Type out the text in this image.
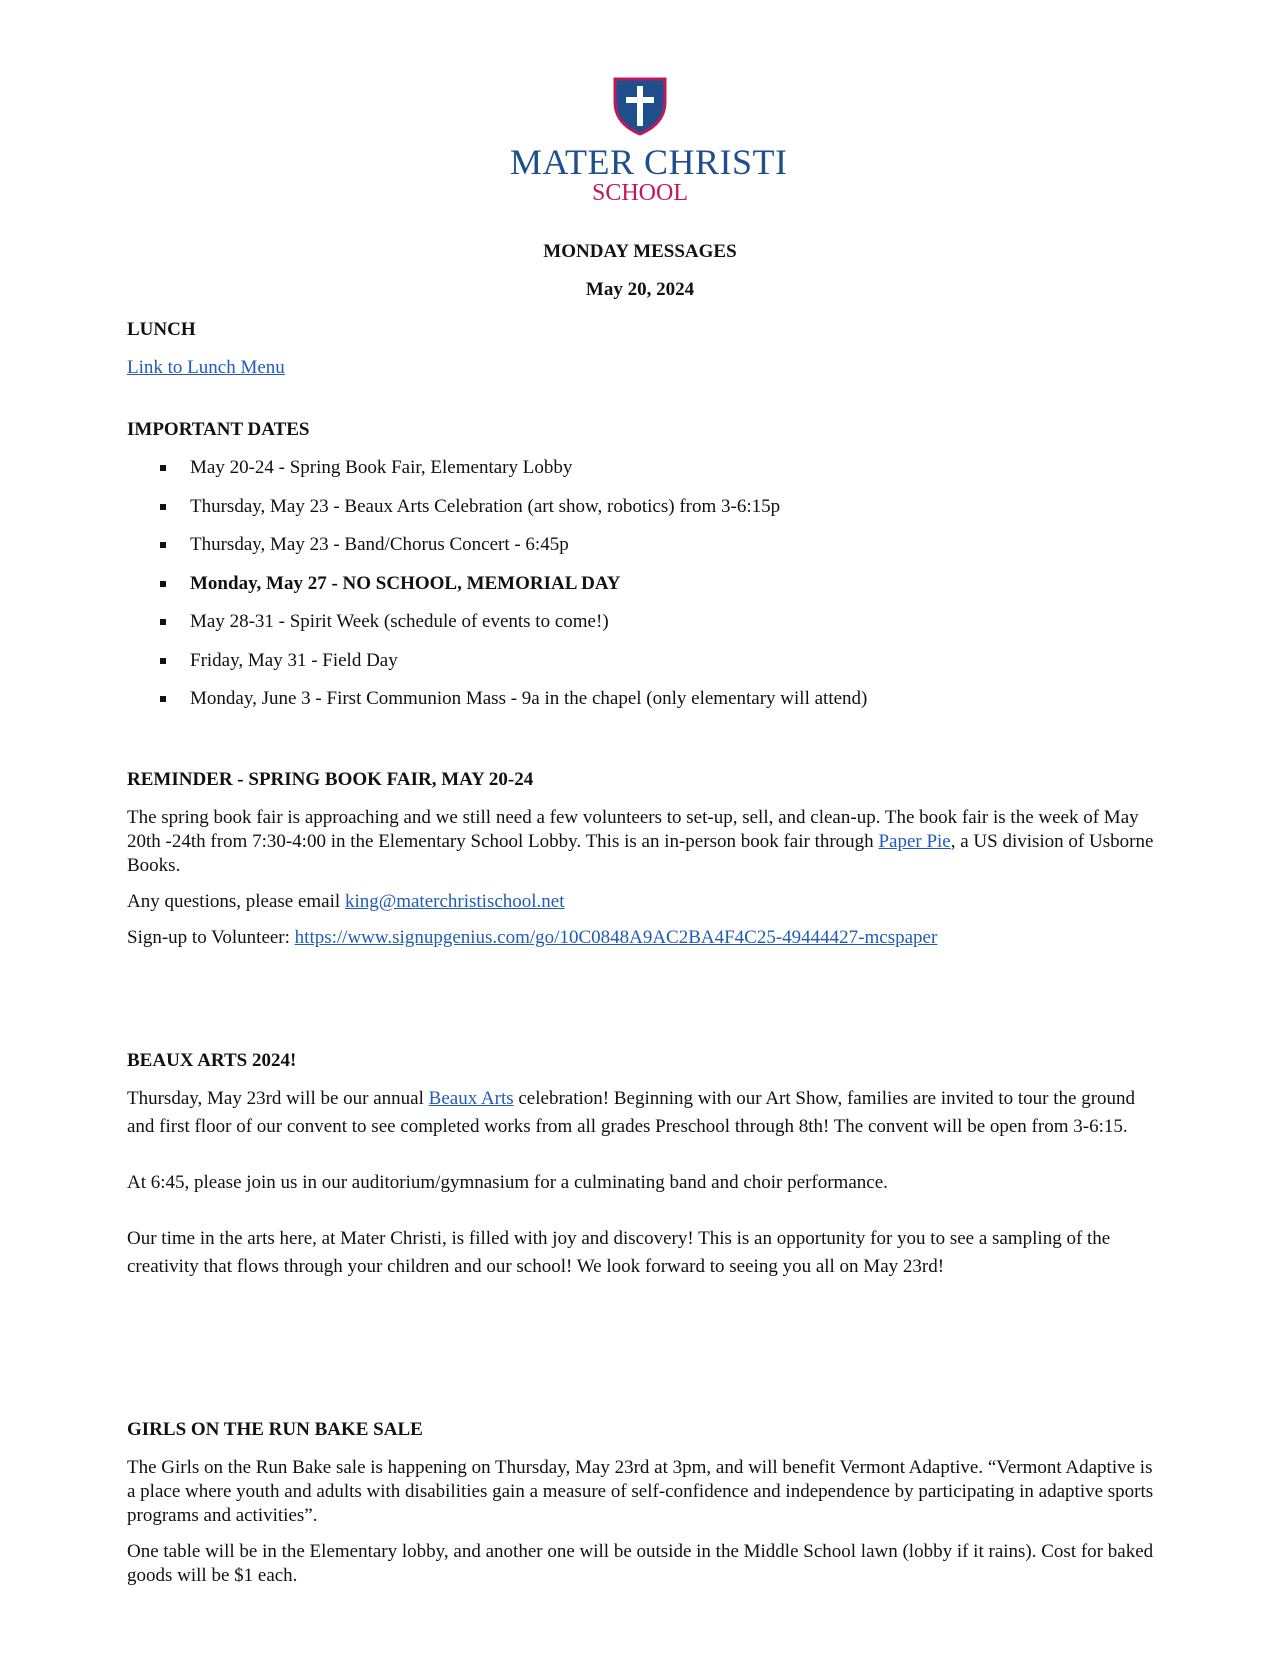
MATER CHRISTI
SCHOOL
MONDAY MESSAGES
May 20, 2024
LUNCH
Link to Lunch Menu
IMPORTANT DATES
May 20-24 - Spring Book Fair, Elementary Lobby
Thursday, May 23 - Beaux Arts Celebration (art show, robotics) from 3-6:15p
Thursday, May 23 - Band/Chorus Concert - 6:45p
Monday, May 27 - NO SCHOOL, MEMORIAL DAY
May 28-31 - Spirit Week (schedule of events to come!)
Friday, May 31 - Field Day
Monday, June 3 - First Communion Mass - 9a in the chapel (only elementary will attend)
REMINDER - SPRING BOOK FAIR, MAY 20-24

The spring book fair is approaching and we still need a few volunteers to set-up, sell, and clean-up. The book fair is the week of May 20th -24th from 7:30-4:00 in the Elementary School Lobby. This is an in-person book fair through Paper Pie, a US division of Usborne Books.

Any questions, please email king@materchristischool.net

Sign-up to Volunteer: https://www.signupgenius.com/go/10C0848A9AC2BA4F4C25-49444427-mcspaper

BEAUX ARTS 2024!

Thursday, May 23rd will be our annual Beaux Arts celebration! Beginning with our Art Show, families are invited to tour the ground and first floor of our convent to see completed works from all grades Preschool through 8th! The convent will be open from 3-6:15.

At 6:45, please join us in our auditorium/gymnasium for a culminating band and choir performance.

Our time in the arts here, at Mater Christi, is filled with joy and discovery! This is an opportunity for you to see a sampling of the creativity that flows through your children and our school! We look forward to seeing you all on May 23rd!

GIRLS ON THE RUN BAKE SALE

The Girls on the Run Bake sale is happening on Thursday, May 23rd at 3pm, and will benefit Vermont Adaptive. “Vermont Adaptive is a place where youth and adults with disabilities gain a measure of self-confidence and independence by participating in adaptive sports programs and activities”.

One table will be in the Elementary lobby, and another one will be outside in the Middle School lawn (lobby if it rains). Cost for baked goods will be $1 each.
